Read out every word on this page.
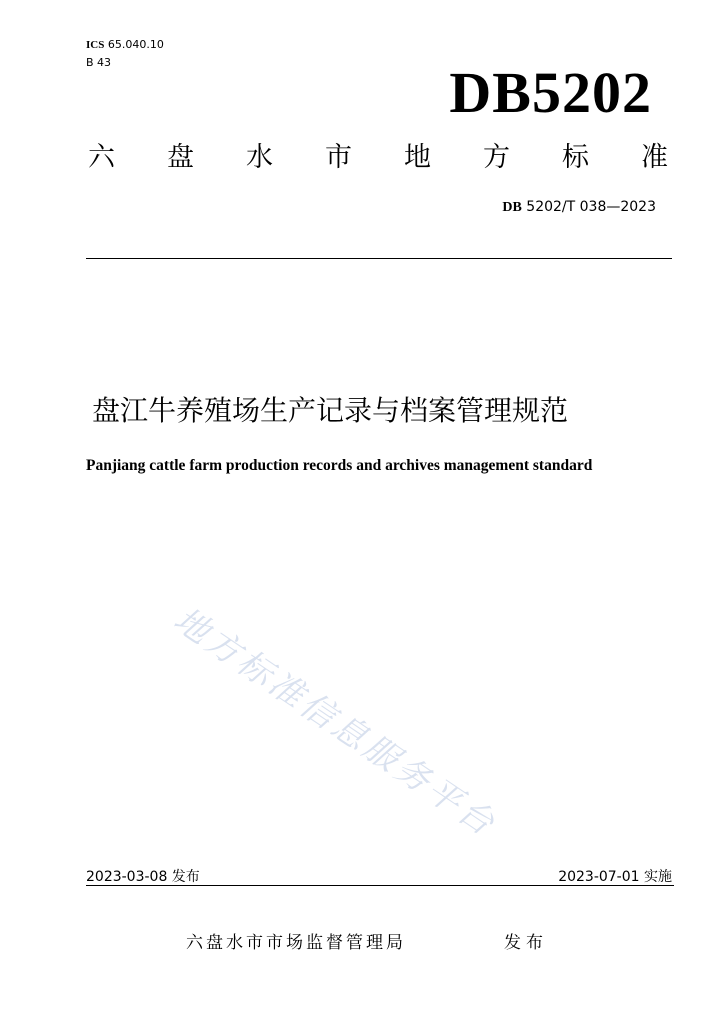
ICS 65.040.10
B 43	DB5202
六 盘 水 市 地 方 标 准
DB 5202/T 038—2023
盘江牛养殖场生产记录与档案管理规范
Panjiang cattle farm production records and archives management standard
地方标准信息服务平台
2023-03-08 发布	2023-07-01 实施
六盘水市市场监督管理局	发布
